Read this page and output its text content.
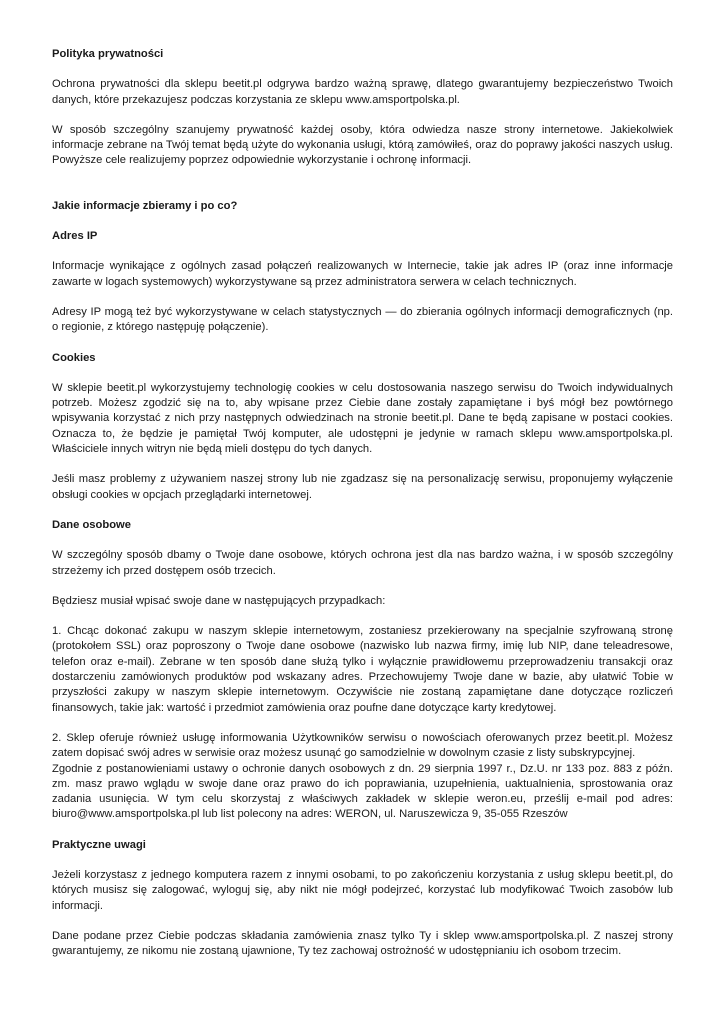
Polityka prywatności

Ochrona prywatności dla sklepu beetit.pl odgrywa bardzo ważną sprawę, dlatego gwarantujemy bezpieczeństwo Twoich danych, które przekazujesz podczas korzystania ze sklepu www.amsportpolska.pl.

W sposób szczególny szanujemy prywatność każdej osoby, która odwiedza nasze strony internetowe. Jakiekolwiek informacje zebrane na Twój temat będą użyte do wykonania usługi, którą zamówiłeś, oraz do poprawy jakości naszych usług. Powyższe cele realizujemy poprzez odpowiednie wykorzystanie i ochronę informacji.

Jakie informacje zbieramy i po co?

Adres IP

Informacje wynikające z ogólnych zasad połączeń realizowanych w Internecie, takie jak adres IP (oraz inne informacje zawarte w logach systemowych) wykorzystywane są przez administratora serwera w celach technicznych.

Adresy IP mogą też być wykorzystywane w celach statystycznych — do zbierania ogólnych informacji demograficznych (np. o regionie, z którego następuję połączenie).

Cookies

W sklepie beetit.pl wykorzystujemy technologię cookies w celu dostosowania naszego serwisu do Twoich indywidualnych potrzeb. Możesz zgodzić się na to, aby wpisane przez Ciebie dane zostały zapamiętane i byś mógł bez powtórnego wpisywania korzystać z nich przy następnych odwiedzinach na stronie beetit.pl. Dane te będą zapisane w postaci cookies. Oznacza to, że będzie je pamiętał Twój komputer, ale udostępni je jedynie w ramach sklepu www.amsportpolska.pl. Właściciele innych witryn nie będą mieli dostępu do tych danych.

Jeśli masz problemy z używaniem naszej strony lub nie zgadzasz się na personalizację serwisu, proponujemy wyłączenie obsługi cookies w opcjach przeglądarki internetowej.

Dane osobowe

W szczególny sposób dbamy o Twoje dane osobowe, których ochrona jest dla nas bardzo ważna, i w sposób szczególny strzeżemy ich przed dostępem osób trzecich.

Będziesz musiał wpisać swoje dane w następujących przypadkach:

1. Chcąc dokonać zakupu w naszym sklepie internetowym, zostaniesz przekierowany na specjalnie szyfrowaną stronę (protokołem SSL) oraz poproszony o Twoje dane osobowe (nazwisko lub nazwa firmy, imię lub NIP, dane teleadresowe, telefon oraz e-mail). Zebrane w ten sposób dane służą tylko i wyłącznie prawidłowemu przeprowadzeniu transakcji oraz dostarczeniu zamówionych produktów pod wskazany adres. Przechowujemy Twoje dane w bazie, aby ułatwić Tobie w przyszłości zakupy w naszym sklepie internetowym. Oczywiście nie zostaną zapamiętane dane dotyczące rozliczeń finansowych, takie jak: wartość i przedmiot zamówienia oraz poufne dane dotyczące karty kredytowej.

2. Sklep oferuje również usługę informowania Użytkowników serwisu o nowościach oferowanych przez beetit.pl. Możesz zatem dopisać swój adres w serwisie oraz możesz usunąć go samodzielnie w dowolnym czasie z listy subskrypcyjnej.

Zgodnie z postanowieniami ustawy o ochronie danych osobowych z dn. 29 sierpnia 1997 r., Dz.U. nr 133 poz. 883 z późn. zm. masz prawo wglądu w swoje dane oraz prawo do ich poprawiania, uzupełnienia, uaktualnienia, sprostowania oraz zadania usunięcia. W tym celu skorzystaj z właściwych zakładek w sklepie weron.eu, prześlij e-mail pod adres: biuro@www.amsportpolska.pl lub list polecony na adres: WERON, ul. Naruszewicza 9, 35-055 Rzeszów

Praktyczne uwagi

Jeżeli korzystasz z jednego komputera razem z innymi osobami, to po zakończeniu korzystania z usług sklepu beetit.pl, do których musisz się zalogować, wyloguj się, aby nikt nie mógł podejrzeć, korzystać lub modyfikować Twoich zasobów lub informacji.

Dane podane przez Ciebie podczas składania zamówienia znasz tylko Ty i sklep www.amsportpolska.pl. Z naszej strony gwarantujemy, ze nikomu nie zostaną ujawnione, Ty tez zachowaj ostrożność w udostępnianiu ich osobom trzecim.
